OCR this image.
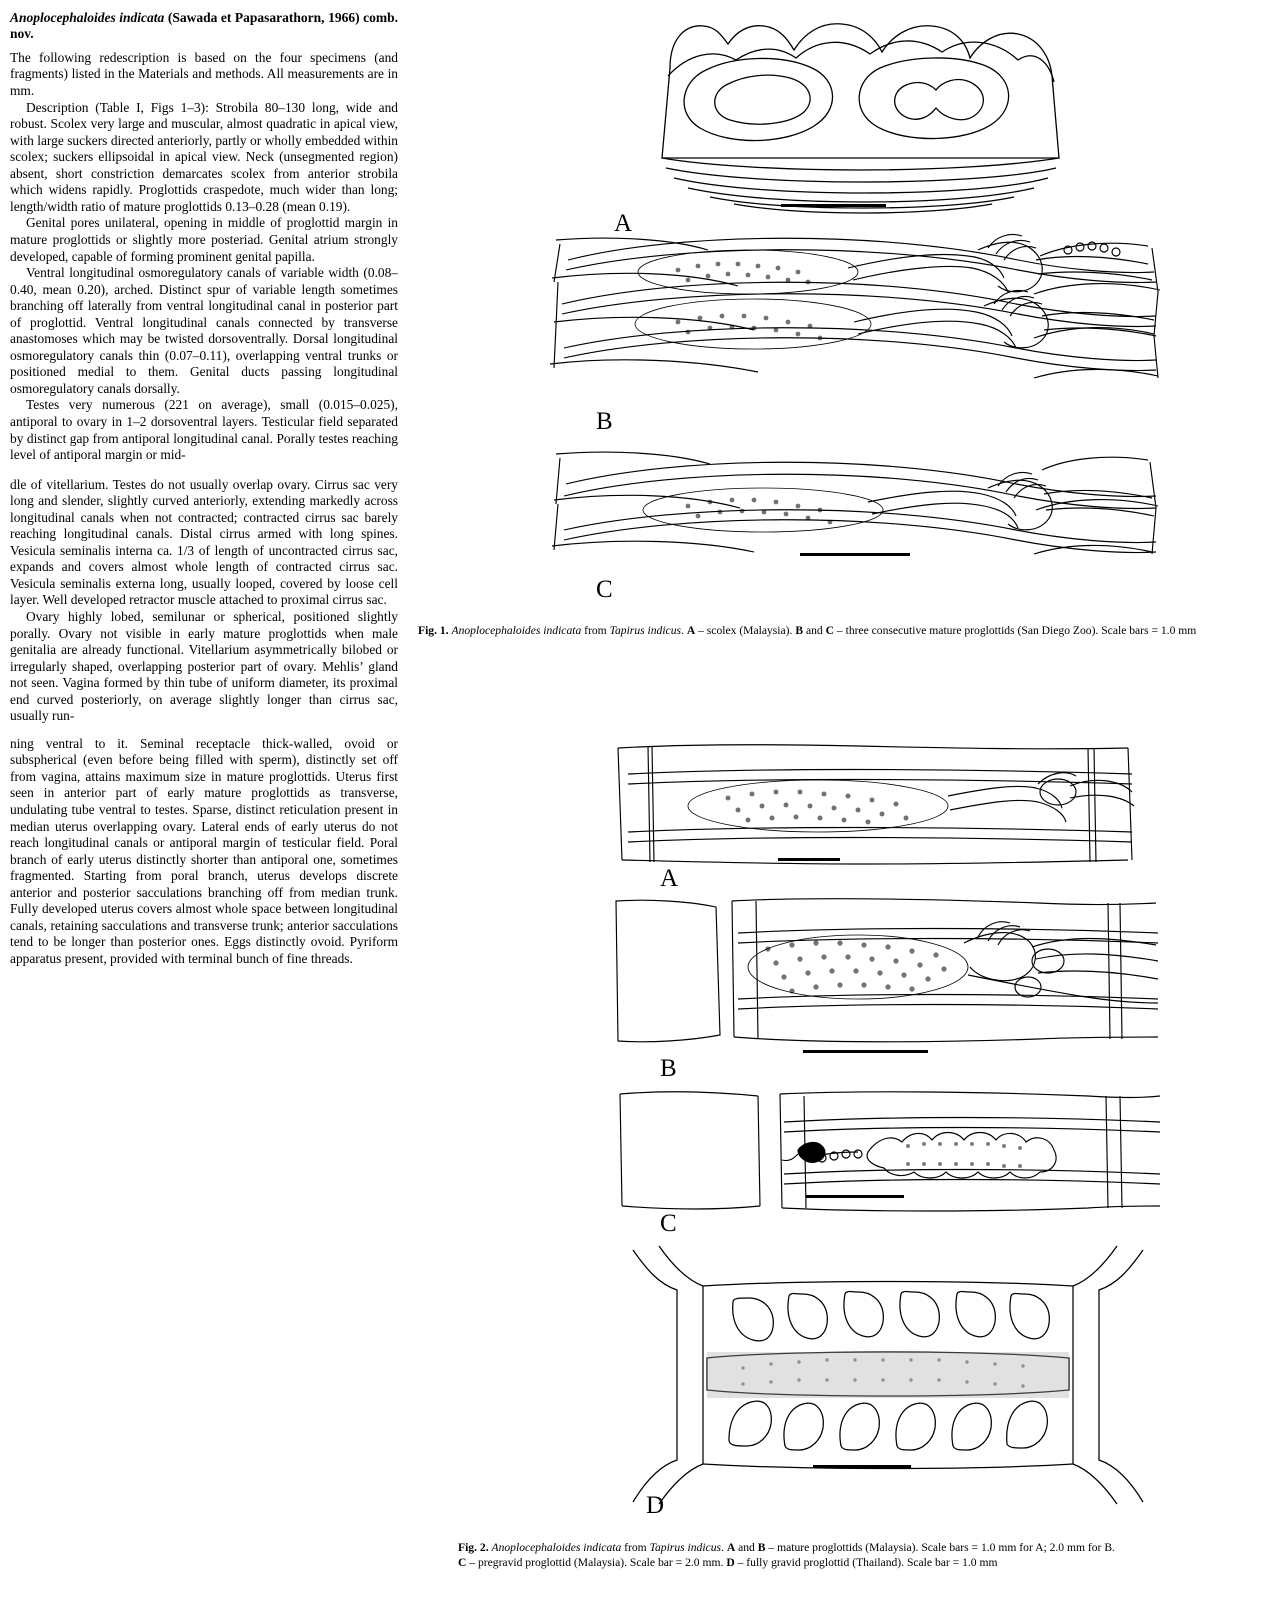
Anoplocephaloides indicata (Sawada et Papasarathorn, 1966) comb. nov.

The following redescription is based on the four specimens (and fragments) listed in the Materials and methods. All measurements are in mm.

Description (Table I, Figs 1–3): Strobila 80–130 long, wide and robust. Scolex very large and muscular, almost quadratic in apical view, with large suckers directed anteriorly, partly or wholly embedded within scolex; suckers ellipsoidal in apical view. Neck (unsegmented region) absent, short constriction demarcates scolex from anterior strobila which widens rapidly. Proglottids craspedote, much wider than long; length/width ratio of mature proglottids 0.13–0.28 (mean 0.19).

Genital pores unilateral, opening in middle of proglottid margin in mature proglottids or slightly more posteriad. Genital atrium strongly developed, capable of forming prominent genital papilla.

Ventral longitudinal osmoregulatory canals of variable width (0.08–0.40, mean 0.20), arched. Distinct spur of variable length sometimes branching off laterally from ventral longitudinal canal in posterior part of proglottid. Ventral longitudinal canals connected by transverse anastomoses which may be twisted dorsoventrally. Dorsal longitudinal osmoregulatory canals thin (0.07–0.11), overlapping ventral trunks or positioned medial to them. Genital ducts passing longitudinal osmoregulatory canals dorsally.

Testes very numerous (221 on average), small (0.015–0.025), antiporal to ovary in 1–2 dorsoventral layers. Testicular field separated by distinct gap from antiporal longitudinal canal. Porally testes reaching level of antiporal margin or mid-

dle of vitellarium. Testes do not usually overlap ovary. Cirrus sac very long and slender, slightly curved anteriorly, extending markedly across longitudinal canals when not contracted; contracted cirrus sac barely reaching longitudinal canals. Distal cirrus armed with long spines. Vesicula seminalis interna ca. 1/3 of length of uncontracted cirrus sac, expands and covers almost whole length of contracted cirrus sac. Vesicula seminalis externa long, usually looped, covered by loose cell layer. Well developed retractor muscle attached to proximal cirrus sac.

Ovary highly lobed, semilunar or spherical, positioned slightly porally. Ovary not visible in early mature proglottids when male genitalia are already functional. Vitellarium asymmetrically bilobed or irregularly shaped, overlapping posterior part of ovary. Mehlis’ gland not seen. Vagina formed by thin tube of uniform diameter, its proximal end curved posteriorly, on average slightly longer than cirrus sac, usually run-

ning ventral to it. Seminal receptacle thick-walled, ovoid or subspherical (even before being filled with sperm), distinctly set off from vagina, attains maximum size in mature proglottids. Uterus first seen in anterior part of early mature proglottids as transverse, undulating tube ventral to testes. Sparse, distinct reticulation present in median uterus overlapping ovary. Lateral ends of early uterus do not reach longitudinal canals or antiporal margin of testicular field. Poral branch of early uterus distinctly shorter than antiporal one, sometimes fragmented. Starting from poral branch, uterus develops discrete anterior and posterior sacculations branching off from median trunk. Fully developed uterus covers almost whole space between longitudinal canals, retaining sacculations and transverse trunk; anterior sacculations tend to be longer than posterior ones. Eggs distinctly ovoid. Pyriform apparatus present, provided with terminal bunch of fine threads.

A
B
C
Fig. 1. Anoplocephaloides indicata from Tapirus indicus. A – scolex (Malaysia). B and C – three consecutive mature proglottids (San Diego Zoo). Scale bars = 1.0 mm
A
B
C
D
Fig. 2. Anoplocephaloides indicata from Tapirus indicus. A and B – mature proglottids (Malaysia). Scale bars = 1.0 mm for A; 2.0 mm for B.
C – pregravid proglottid (Malaysia). Scale bar = 2.0 mm. D – fully gravid proglottid (Thailand). Scale bar = 1.0 mm
